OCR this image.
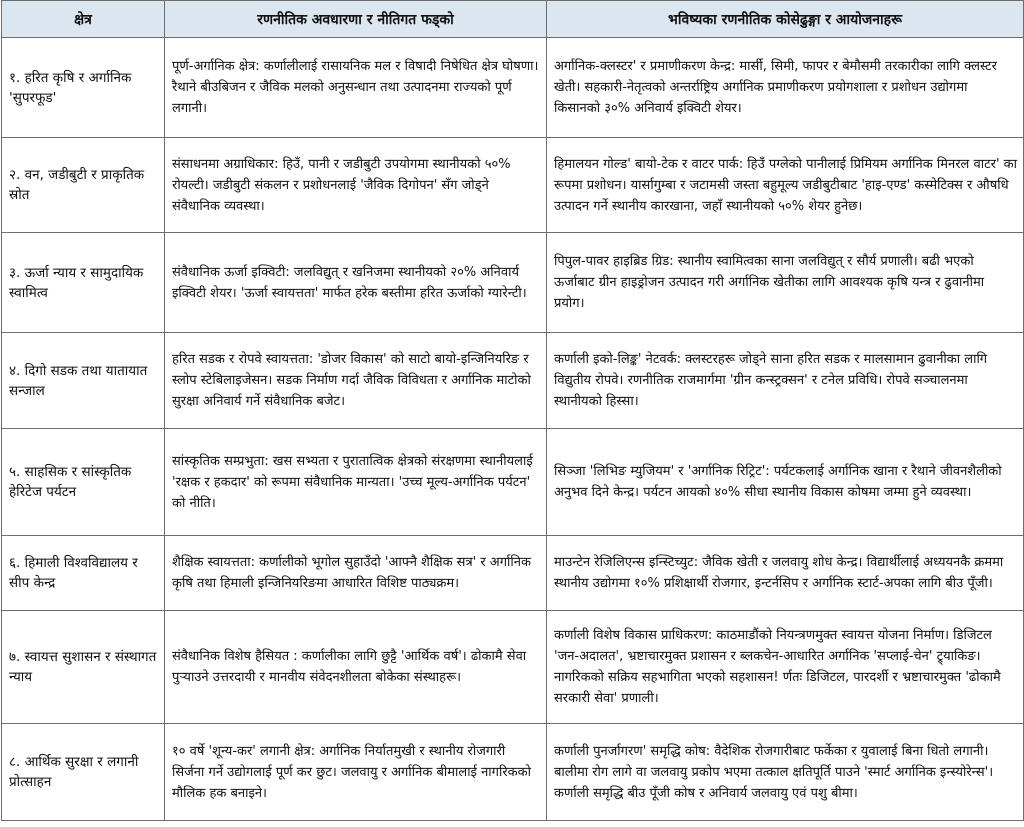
क्षेत्र	रणनीतिक अवधारणा र नीतिगत फड्को	भविष्यका रणनीतिक कोसेढुङ्गा र आयोजनाहरू
१. हरित कृषि र अर्गानिक 'सुपरफूड'	पूर्ण-अर्गानिक क्षेत्र: कर्णालीलाई रासायनिक मल र विषादी निषेधित क्षेत्र घोषणा। रैथाने बीउबिजन र जैविक मलको अनुसन्धान तथा उत्पादनमा राज्यको पूर्ण लगानी।	अर्गानिक-क्लस्टर' र प्रमाणीकरण केन्द्र: मार्सी, सिमी, फापर र बेमौसमी तरकारीका लागि क्लस्टर खेती। सहकारी-नेतृत्वको अन्तर्राष्ट्रिय अर्गानिक प्रमाणीकरण प्रयोगशाला र प्रशोधन उद्योगमा किसानको ३०% अनिवार्य इक्विटी शेयर।
२. वन, जडीबुटी र प्राकृतिक स्रोत	संसाधनमा अग्राधिकार: हिउँ, पानी र जडीबुटी उपयोगमा स्थानीयको ५०% रोयल्टी। जडीबुटी संकलन र प्रशोधनलाई 'जैविक दिगोपन' सँग जोड्ने संवैधानिक व्यवस्था।	हिमालयन गोल्ड' बायो-टेक र वाटर पार्क: हिउँ पग्लेको पानीलाई प्रिमियम अर्गानिक मिनरल वाटर' का रूपमा प्रशोधन। यार्सागुम्बा र जटामसी जस्ता बहुमूल्य जडीबुटीबाट 'हाइ-एण्ड' कस्मेटिक्स र औषधि उत्पादन गर्ने स्थानीय कारखाना, जहाँ स्थानीयको ५०% शेयर हुनेछ।
३. ऊर्जा न्याय र सामुदायिक स्वामित्व	संवैधानिक ऊर्जा इक्विटी: जलविद्युत् र खनिजमा स्थानीयको २०% अनिवार्य इक्विटी शेयर। 'ऊर्जा स्वायत्तता' मार्फत हरेक बस्तीमा हरित ऊर्जाको ग्यारेन्टी।	पिपुल-पावर हाइब्रिड ग्रिड: स्थानीय स्वामित्वका साना जलविद्युत् र सौर्य प्रणाली। बढी भएको ऊर्जाबाट ग्रीन हाइड्रोजन उत्पादन गरी अर्गानिक खेतीका लागि आवश्यक कृषि यन्त्र र ढुवानीमा प्रयोग।
४. दिगो सडक तथा यातायात सन्जाल	हरित सडक र रोपवे स्वायत्तता: 'डोजर विकास' को साटो बायो-इन्जिनियरिङ र स्लोप स्टेबिलाइजेसन। सडक निर्माण गर्दा जैविक विविधता र अर्गानिक माटोको सुरक्षा अनिवार्य गर्ने संवैधानिक बजेट।	कर्णाली इको-लिङ्क' नेटवर्क: क्लस्टरहरू जोड्ने साना हरित सडक र मालसामान ढुवानीका लागि विद्युतीय रोपवे। रणनीतिक राजमार्गमा 'ग्रीन कन्स्ट्रक्सन' र टनेल प्रविधि। रोपवे सञ्चालनमा स्थानीयको हिस्सा।
५. साहसिक र सांस्कृतिक हेरिटेज पर्यटन	सांस्कृतिक सम्प्रभुता: खस सभ्यता र पुरातात्विक क्षेत्रको संरक्षणमा स्थानीयलाई 'रक्षक र हकदार' को रूपमा संवैधानिक मान्यता। 'उच्च मूल्य-अर्गानिक पर्यटन' को नीति।	सिञ्जा 'लिभिङ म्युजियम' र 'अर्गानिक रिट्रिट': पर्यटकलाई अर्गानिक खाना र रैथाने जीवनशैलीको अनुभव दिने केन्द्र। पर्यटन आयको ४०% सीधा स्थानीय विकास कोषमा जम्मा हुने व्यवस्था।
६. हिमाली विश्वविद्यालय र सीप केन्द्र	शैक्षिक स्वायत्तता: कर्णालीको भूगोल सुहाउँदो 'आफ्नै शैक्षिक सत्र' र अर्गानिक कृषि तथा हिमाली इन्जिनियरिङमा आधारित विशिष्ट पाठ्यक्रम।	माउन्टेन रेजिलिएन्स इन्स्टिच्युट: जैविक खेती र जलवायु शोध केन्द्र। विद्यार्थीलाई अध्ययनकै क्रममा स्थानीय उद्योगमा १०% प्रशिक्षार्थी रोजगार, इन्टर्नसिप र अर्गानिक स्टार्ट-अपका लागि बीउ पूँजी।
७. स्वायत्त सुशासन र संस्थागत न्याय	संवैधानिक विशेष हैसियत : कर्णालीका लागि छुट्टै 'आर्थिक वर्ष'। ढोकामै सेवा पुऱ्याउने उत्तरदायी र मानवीय संवेदनशीलता बोकेका संस्थाहरू।	कर्णाली विशेष विकास प्राधिकरण: काठमाडौंको नियन्त्रणमुक्त स्वायत्त योजना निर्माण। डिजिटल 'जन-अदालत', भ्रष्टाचारमुक्त प्रशासन र ब्लकचेन-आधारित अर्गानिक 'सप्लाई-चेन' ट्र्याकिङ। नागरिकको सक्रिय सहभागिता भएको सहशासन! र्णतः डिजिटल, पारदर्शी र भ्रष्टाचारमुक्त 'ढोकामै सरकारी सेवा' प्रणाली।
८. आर्थिक सुरक्षा र लगानी प्रोत्साहन	१० वर्षे 'शून्य-कर' लगानी क्षेत्र: अर्गानिक निर्यातमुखी र स्थानीय रोजगारी सिर्जना गर्ने उद्योगलाई पूर्ण कर छुट। जलवायु र अर्गानिक बीमालाई नागरिकको मौलिक हक बनाइने।	कर्णाली पुनर्जागरण' समृद्धि कोष: वैदेशिक रोजगारीबाट फर्केका र युवालाई बिना धितो लगानी। बालीमा रोग लागे वा जलवायु प्रकोप भएमा तत्काल क्षतिपूर्ति पाउने 'स्मार्ट अर्गानिक इन्स्योरेन्स'। कर्णाली समृद्धि बीउ पूँजी कोष र अनिवार्य जलवायु एवं पशु बीमा।
